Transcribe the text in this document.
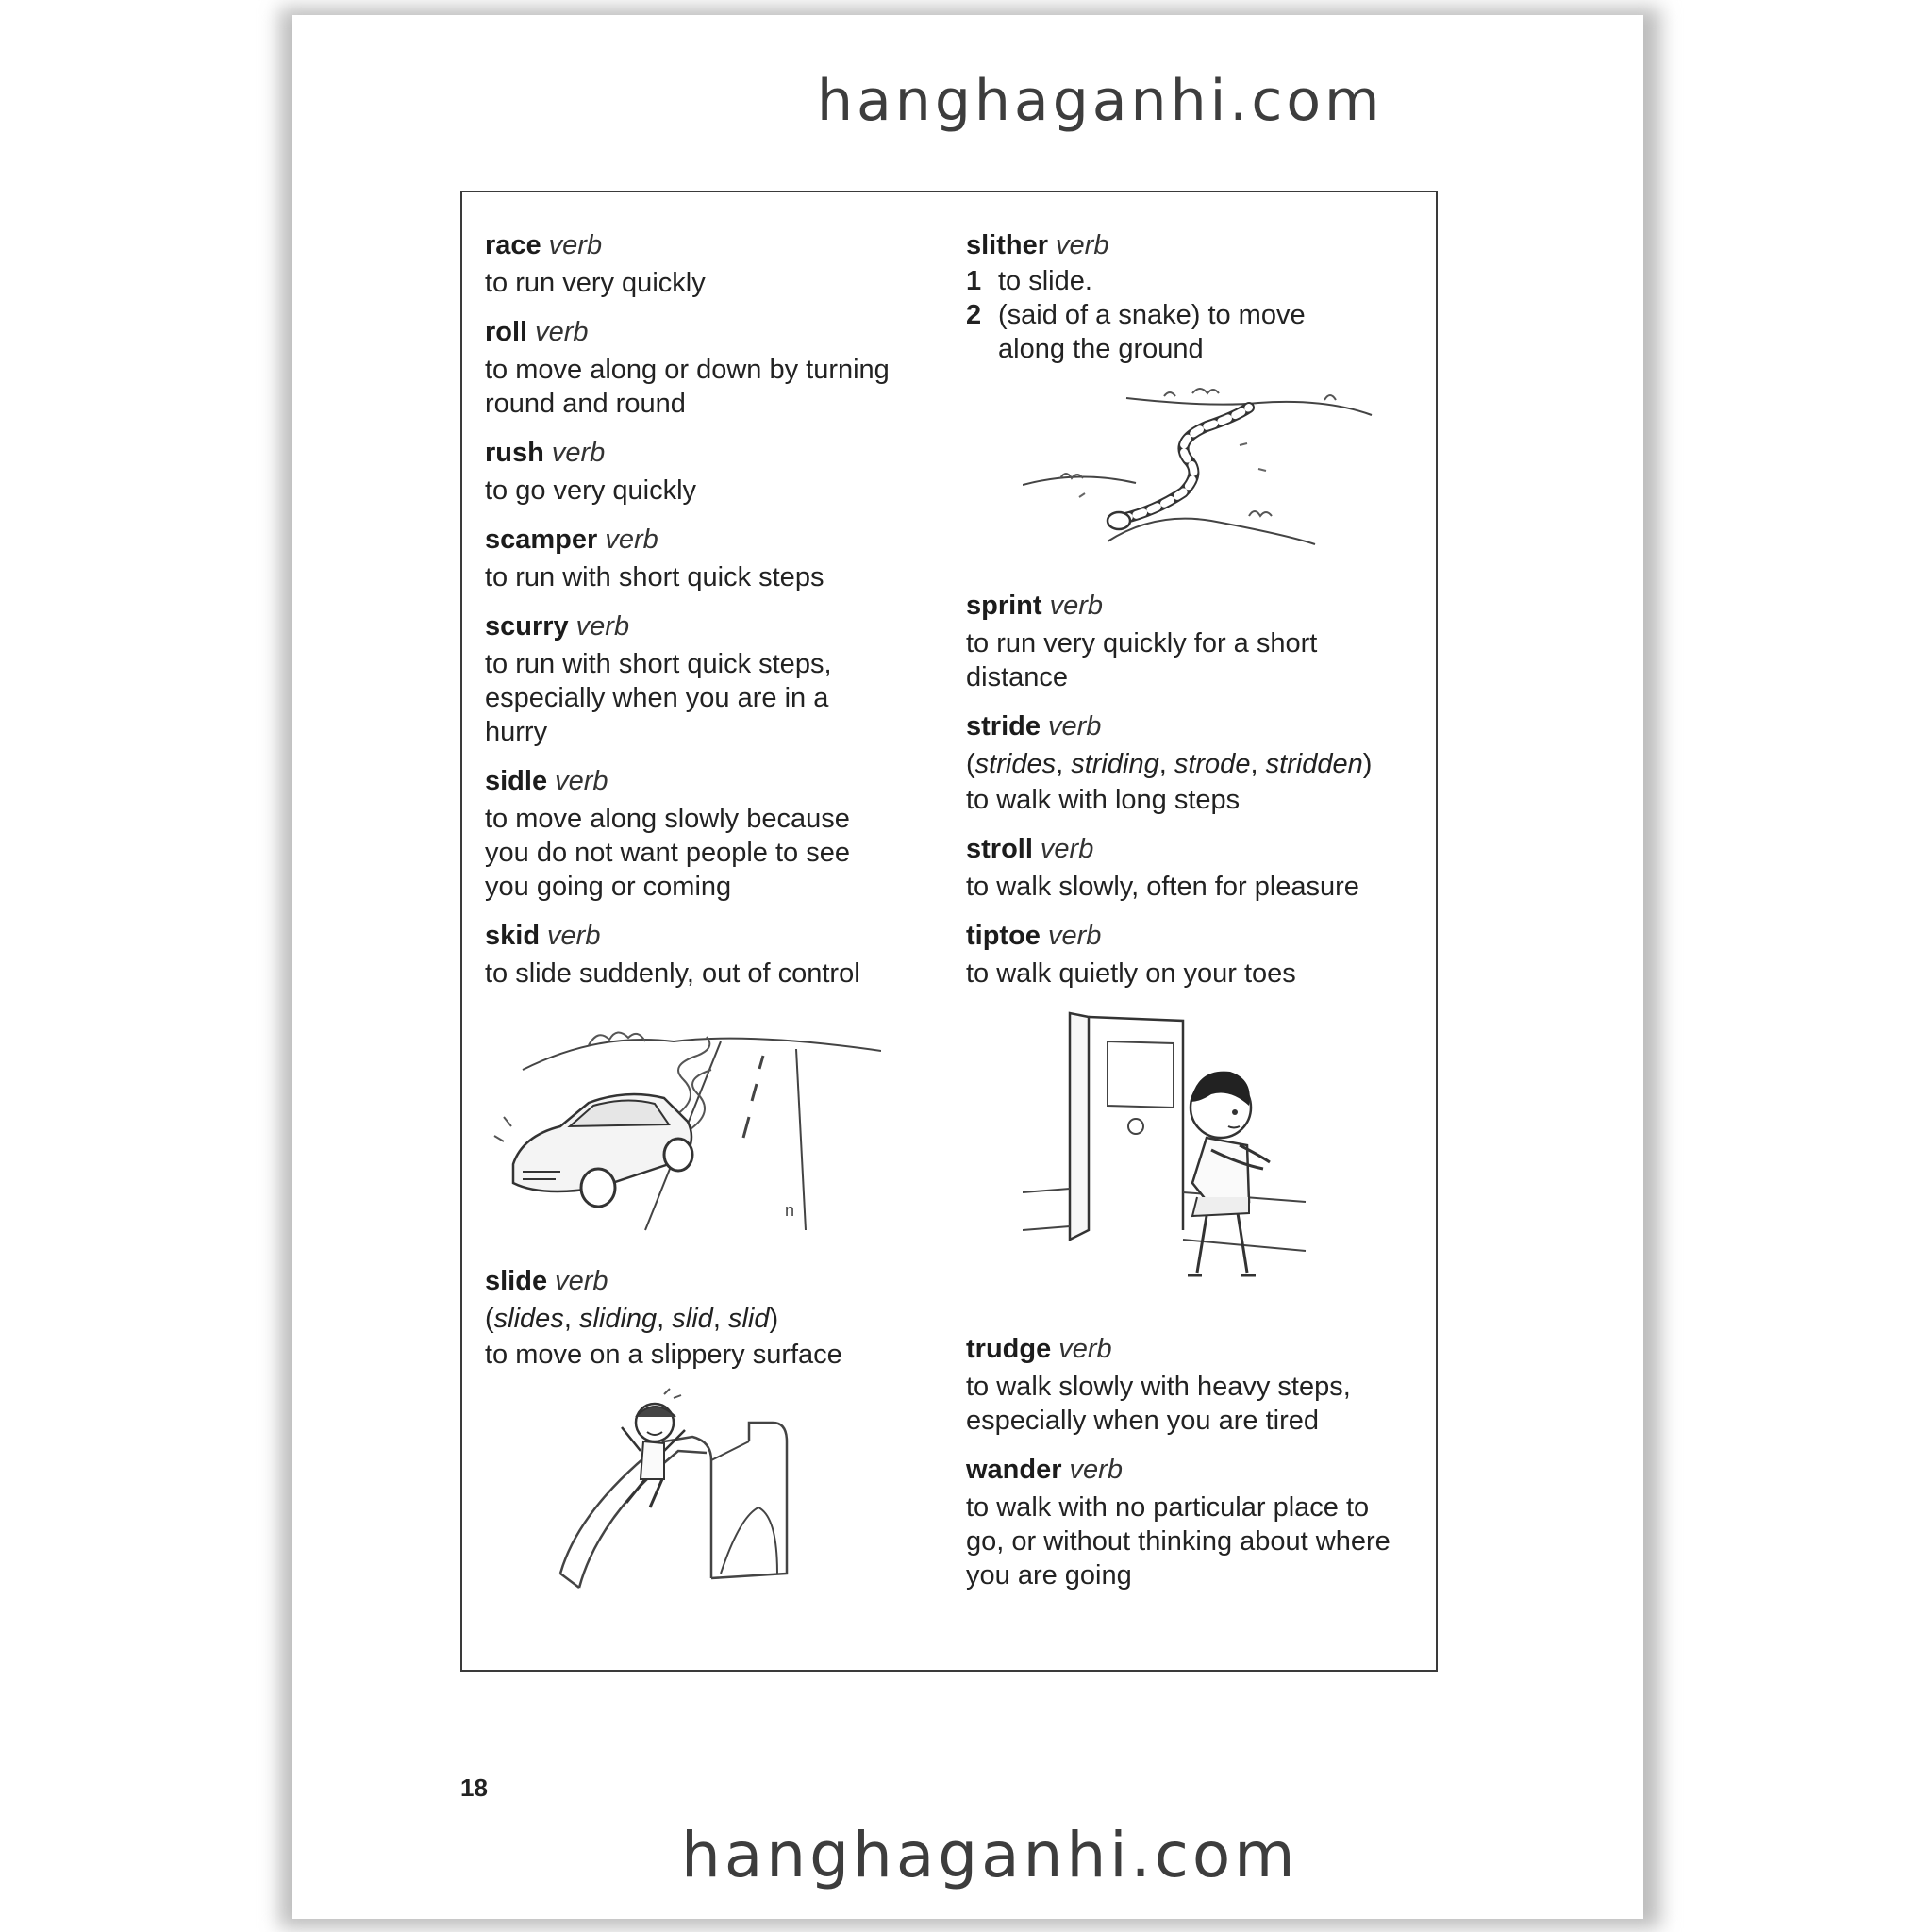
hanghaganhi.com
race verb
to run very quickly
roll verb
to move along or down by turning round and round
rush verb
to go very quickly
scamper verb
to run with short quick steps
scurry verb
to run with short quick steps, especially when you are in a hurry
sidle verb
to move along slowly because you do not want people to see you going or coming
skid verb
to slide suddenly, out of control
n
slide verb
(slides, sliding, slid, slid)
to move on a slippery surface
slither verb
1 to slide.
2 (said of a snake) to move along the ground
sprint verb
to run very quickly for a short distance
stride verb
(strides, striding, strode, stridden)
to walk with long steps
stroll verb
to walk slowly, often for pleasure
tiptoe verb
to walk quietly on your toes
trudge verb
to walk slowly with heavy steps, especially when you are tired
wander verb
to walk with no particular place to go, or without thinking about where you are going
18
hanghaganhi.com
